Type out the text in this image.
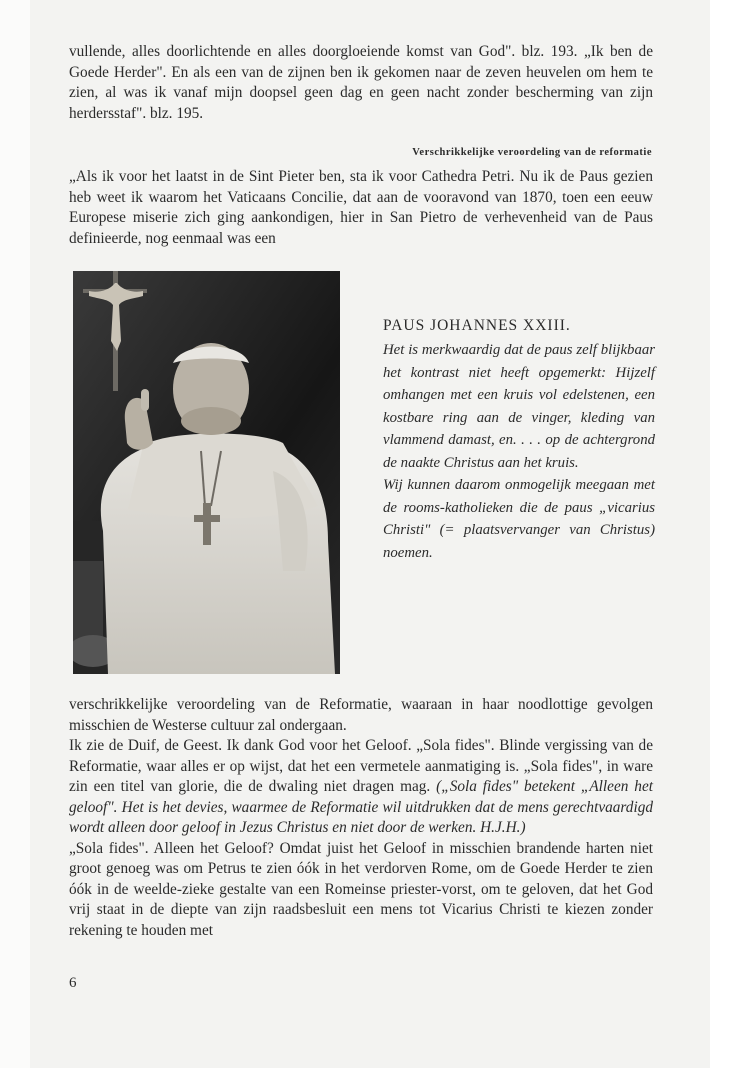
vullende, alles doorlichtende en alles doorgloeiende komst van God". blz. 193. „Ik ben de Goede Herder". En als een van de zijnen ben ik gekomen naar de zeven heuvelen om hem te zien, al was ik vanaf mijn doopsel geen dag en geen nacht zonder bescherming van zijn herdersstaf". blz. 195.

Verschrikkelijke veroordeling van de reformatie

„Als ik voor het laatst in de Sint Pieter ben, sta ik voor Cathedra Petri. Nu ik de Paus gezien heb weet ik waarom het Vaticaans Concilie, dat aan de vooravond van 1870, toen een eeuw Europese miserie zich ging aankondigen, hier in San Pietro de verhevenheid van de Paus definieerde, nog eenmaal was een

PAUS JOHANNES XXIII.

Het is merkwaardig dat de paus zelf blijkbaar het kontrast niet heeft opgemerkt: Hijzelf omhangen met een kruis vol edelstenen, een kostbare ring aan de vinger, kleding van vlammend damast, en. . . . op de achtergrond de naakte Christus aan het kruis.

Wij kunnen daarom onmogelijk meegaan met de rooms-katholieken die de paus „vicarius Christi" (= plaatsvervanger van Christus) noemen.

verschrikkelijke veroordeling van de Reformatie, waaraan in haar noodlottige gevolgen misschien de Westerse cultuur zal ondergaan.

Ik zie de Duif, de Geest. Ik dank God voor het Geloof. „Sola fides". Blinde vergissing van de Reformatie, waar alles er op wijst, dat het een vermetele aanmatiging is. „Sola fides", in ware zin een titel van glorie, die de dwaling niet dragen mag. („Sola fides" betekent „Alleen het geloof". Het is het devies, waarmee de Reformatie wil uitdrukken dat de mens gerechtvaardigd wordt alleen door geloof in Jezus Christus en niet door de werken. H.J.H.)

„Sola fides". Alleen het Geloof? Omdat juist het Geloof in misschien brandende harten niet groot genoeg was om Petrus te zien óók in het verdorven Rome, om de Goede Herder te zien óók in de weelde-zieke gestalte van een Romeinse priester-vorst, om te geloven, dat het God vrij staat in de diepte van zijn raadsbesluit een mens tot Vicarius Christi te kiezen zonder rekening te houden met

6
